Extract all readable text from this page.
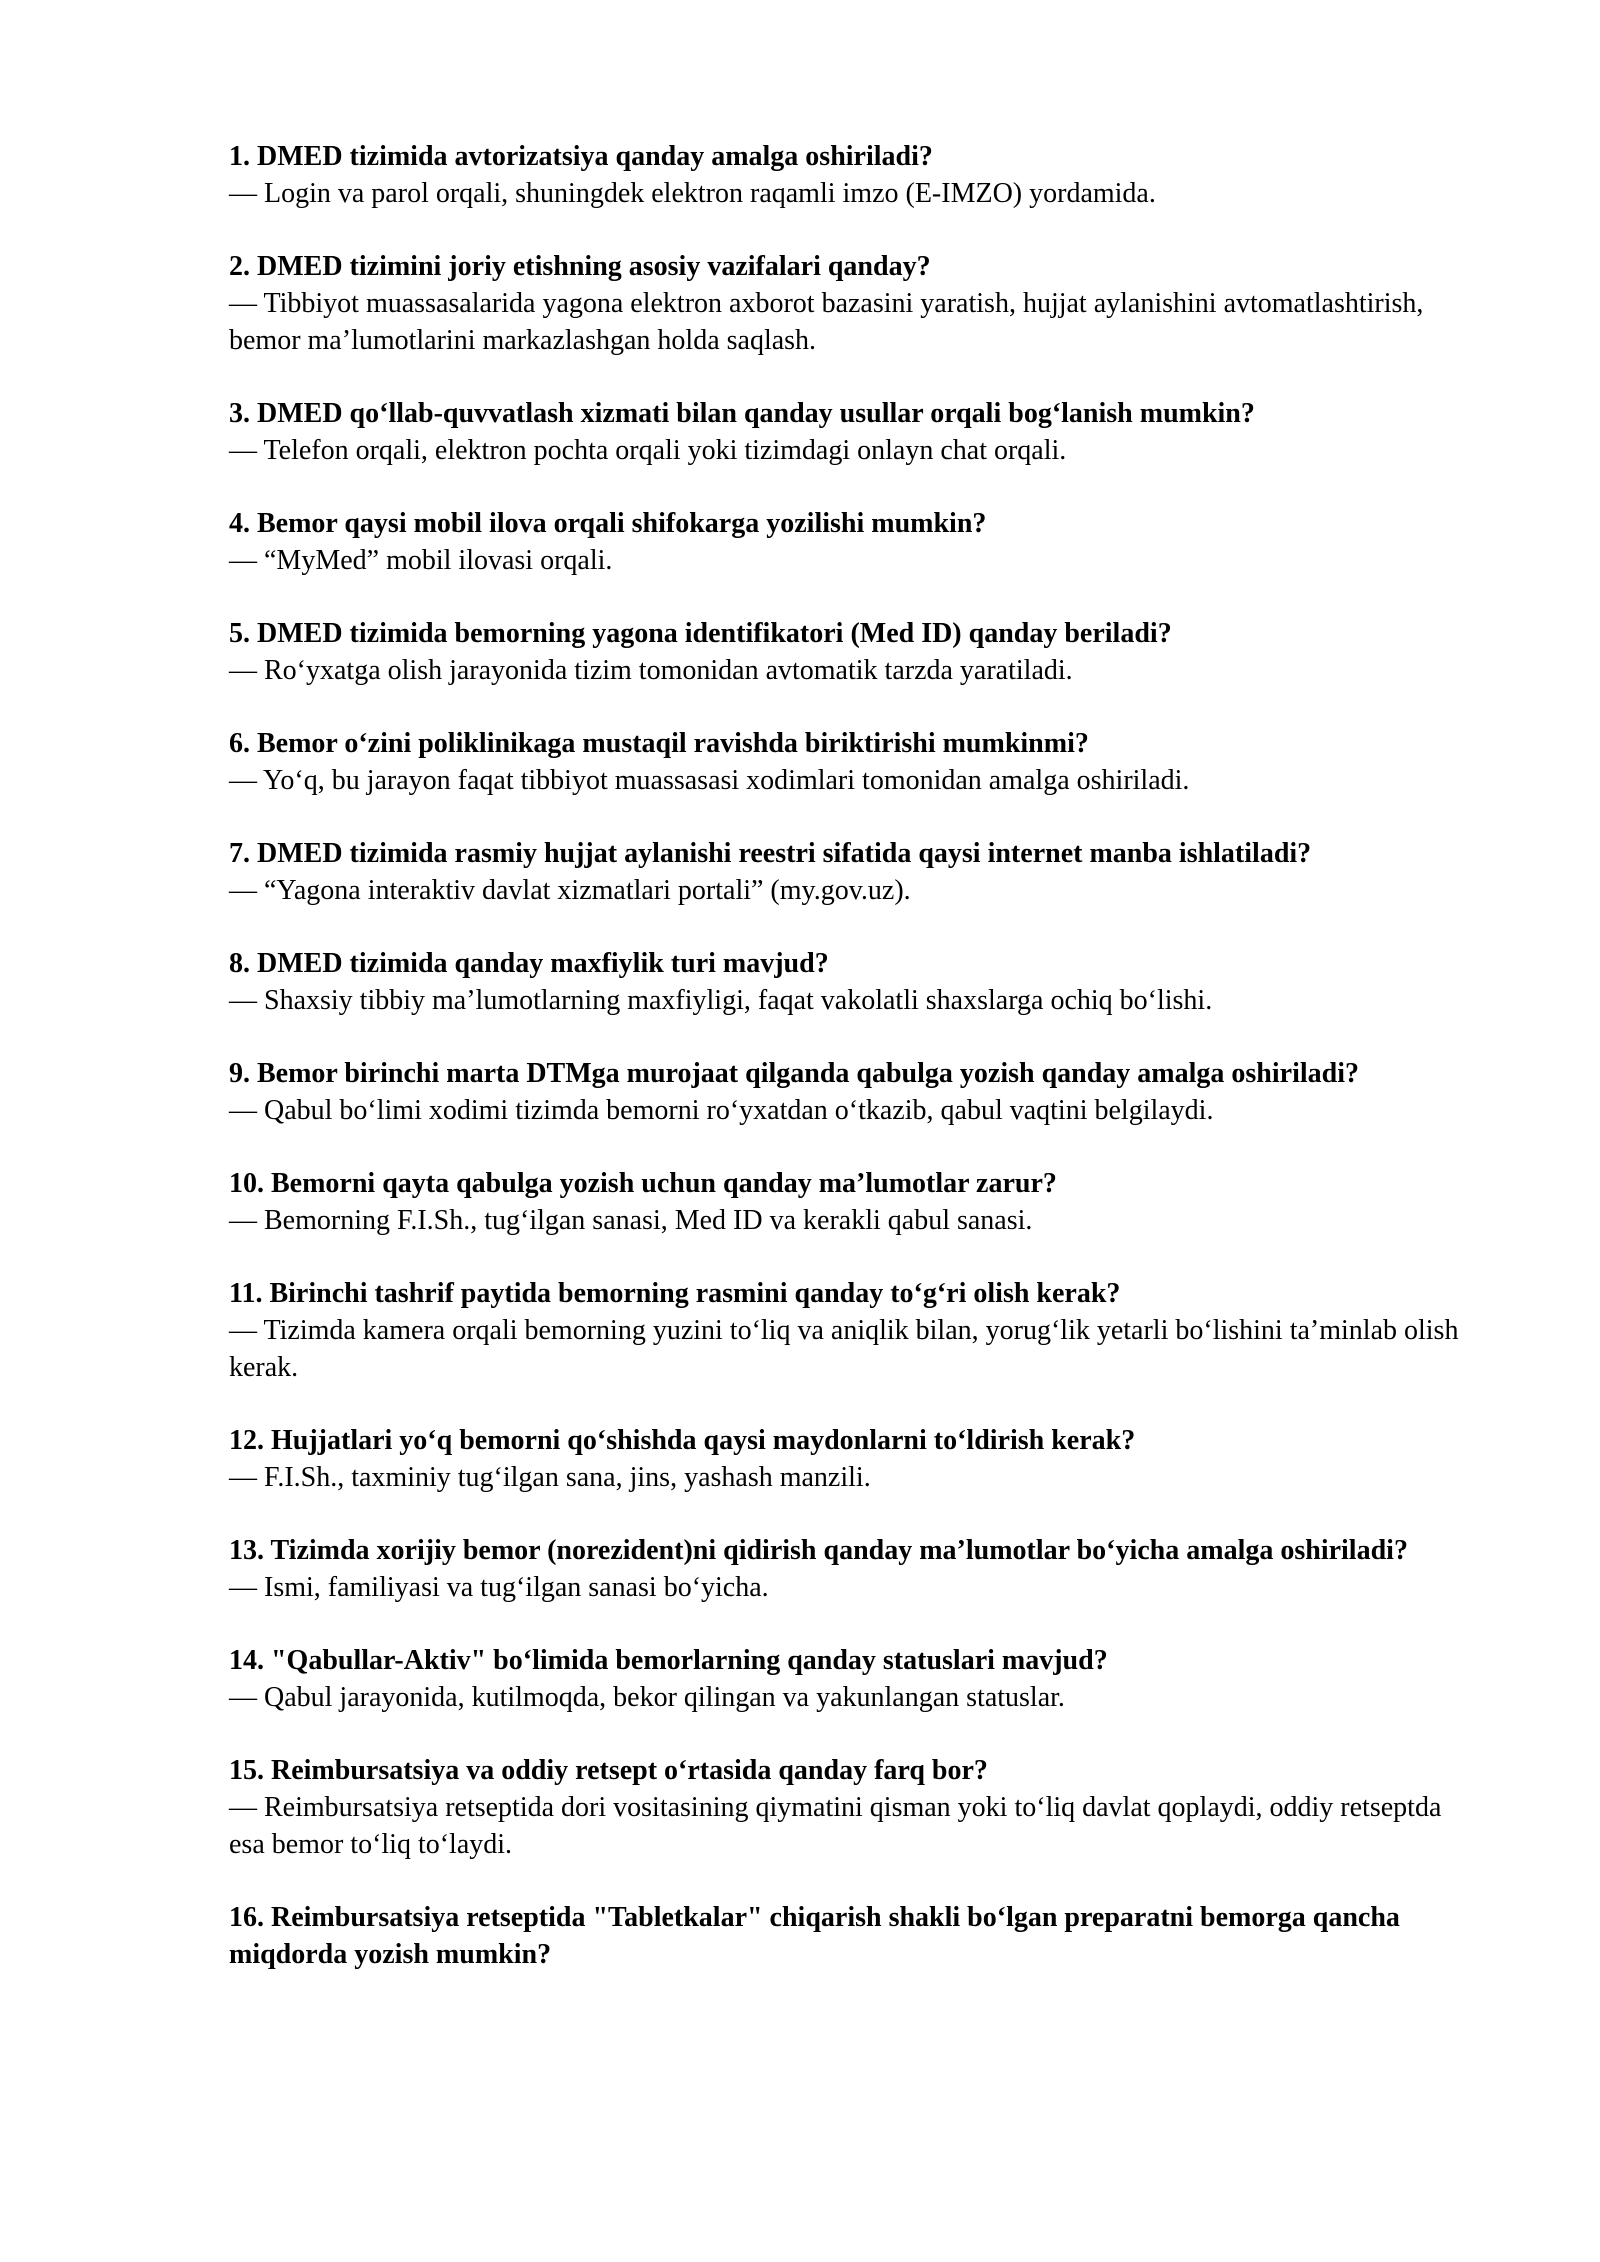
1. DMED tizimida avtorizatsiya qanday amalga oshiriladi?

— Login va parol orqali, shuningdek elektron raqamli imzo (E-IMZO) yordamida.

2. DMED tizimini joriy etishning asosiy vazifalari qanday?

— Tibbiyot muassasalarida yagona elektron axborot bazasini yaratish, hujjat aylanishini avtomatlashtirish, bemor ma’lumotlarini markazlashgan holda saqlash.

3. DMED qo‘llab-quvvatlash xizmati bilan qanday usullar orqali bog‘lanish mumkin?

— Telefon orqali, elektron pochta orqali yoki tizimdagi onlayn chat orqali.

4. Bemor qaysi mobil ilova orqali shifokarga yozilishi mumkin?

— “MyMed” mobil ilovasi orqali.

5. DMED tizimida bemorning yagona identifikatori (Med ID) qanday beriladi?

— Ro‘yxatga olish jarayonida tizim tomonidan avtomatik tarzda yaratiladi.

6. Bemor o‘zini poliklinikaga mustaqil ravishda biriktirishi mumkinmi?

— Yo‘q, bu jarayon faqat tibbiyot muassasasi xodimlari tomonidan amalga oshiriladi.

7. DMED tizimida rasmiy hujjat aylanishi reestri sifatida qaysi internet manba ishlatiladi?

— “Yagona interaktiv davlat xizmatlari portali” (my.gov.uz).

8. DMED tizimida qanday maxfiylik turi mavjud?

— Shaxsiy tibbiy ma’lumotlarning maxfiyligi, faqat vakolatli shaxslarga ochiq bo‘lishi.

9. Bemor birinchi marta DTMga murojaat qilganda qabulga yozish qanday amalga oshiriladi?

— Qabul bo‘limi xodimi tizimda bemorni ro‘yxatdan o‘tkazib, qabul vaqtini belgilaydi.

10. Bemorni qayta qabulga yozish uchun qanday ma’lumotlar zarur?

— Bemorning F.I.Sh., tug‘ilgan sanasi, Med ID va kerakli qabul sanasi.

11. Birinchi tashrif paytida bemorning rasmini qanday to‘g‘ri olish kerak?

— Tizimda kamera orqali bemorning yuzini to‘liq va aniqlik bilan, yorug‘lik yetarli bo‘lishini ta’minlab olish kerak.

12. Hujjatlari yo‘q bemorni qo‘shishda qaysi maydonlarni to‘ldirish kerak?

— F.I.Sh., taxminiy tug‘ilgan sana, jins, yashash manzili.

13. Tizimda xorijiy bemor (norezident)ni qidirish qanday ma’lumotlar bo‘yicha amalga oshiriladi?

— Ismi, familiyasi va tug‘ilgan sanasi bo‘yicha.

14. "Qabullar-Aktiv" bo‘limida bemorlarning qanday statuslari mavjud?

— Qabul jarayonida, kutilmoqda, bekor qilingan va yakunlangan statuslar.

15. Reimbursatsiya va oddiy retsept o‘rtasida qanday farq bor?

— Reimbursatsiya retseptida dori vositasining qiymatini qisman yoki to‘liq davlat qoplaydi, oddiy retseptda esa bemor to‘liq to‘laydi.

16. Reimbursatsiya retseptida "Tabletkalar" chiqarish shakli bo‘lgan preparatni bemorga qancha miqdorda yozish mumkin?
